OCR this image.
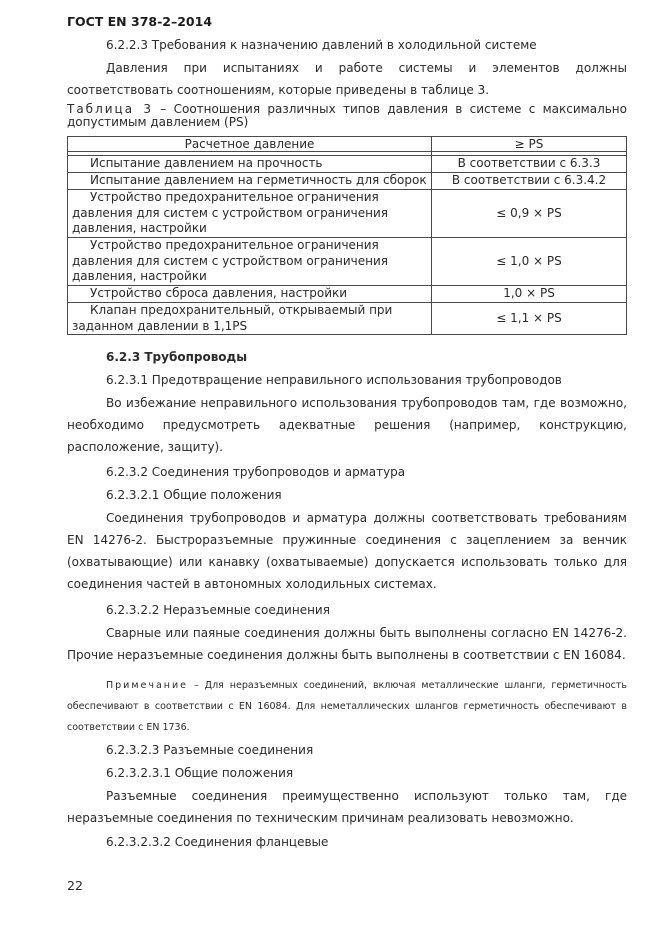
ГОСТ EN 378-2–2014

6.2.2.3 Требования к назначению давлений в холодильной системе

Давления при испытаниях и работе системы и элементов должны соответствовать соотношениям, которые приведены в таблице 3.

Таблица 3 – Соотношения различных типов давления в системе с максимально допустимым давлением (PS)

Расчетное давление	≥ PS

Испытание давлением на прочность	В соответствии с 6.3.3
Испытание давлением на герметичность для сборок	В соответствии с 6.3.4.2
Устройство предохранительное ограничения давления для систем с устройством ограничения давления, настройки	≤ 0,9 × PS
Устройство предохранительное ограничения давления для систем с устройством ограничения давления, настройки	≤ 1,0 × PS
Устройство сброса давления, настройки	1,0 × PS
Клапан предохранительный, открываемый при заданном давлении в 1,1PS	≤ 1,1 × PS

6.2.3 Трубопроводы

6.2.3.1 Предотвращение неправильного использования трубопроводов

Во избежание неправильного использования трубопроводов там, где возможно, необходимо предусмотреть адекватные решения (например, конструкцию, расположение, защиту).

6.2.3.2 Соединения трубопроводов и арматура

6.2.3.2.1 Общие положения

Соединения трубопроводов и арматура должны соответствовать требованиям EN 14276-2. Быстроразъемные пружинные соединения с зацеплением за венчик (охватывающие) или канавку (охватываемые) допускается использовать только для соединения частей в автономных холодильных системах.

6.2.3.2.2 Неразъемные соединения

Сварные или паяные соединения должны быть выполнены согласно EN 14276-2. Прочие неразъемные соединения должны быть выполнены в соответствии с EN 16084.

Примечание – Для неразъемных соединений, включая металлические шланги, герметичность обеспечивают в соответствии с EN 16084. Для неметаллических шлангов герметичность обеспечивают в соответствии с EN 1736.

6.2.3.2.3 Разъемные соединения

6.2.3.2.3.1 Общие положения

Разъемные соединения преимущественно используют только там, где неразъемные соединения по техническим причинам реализовать невозможно.

6.2.3.2.3.2 Соединения фланцевые

22
